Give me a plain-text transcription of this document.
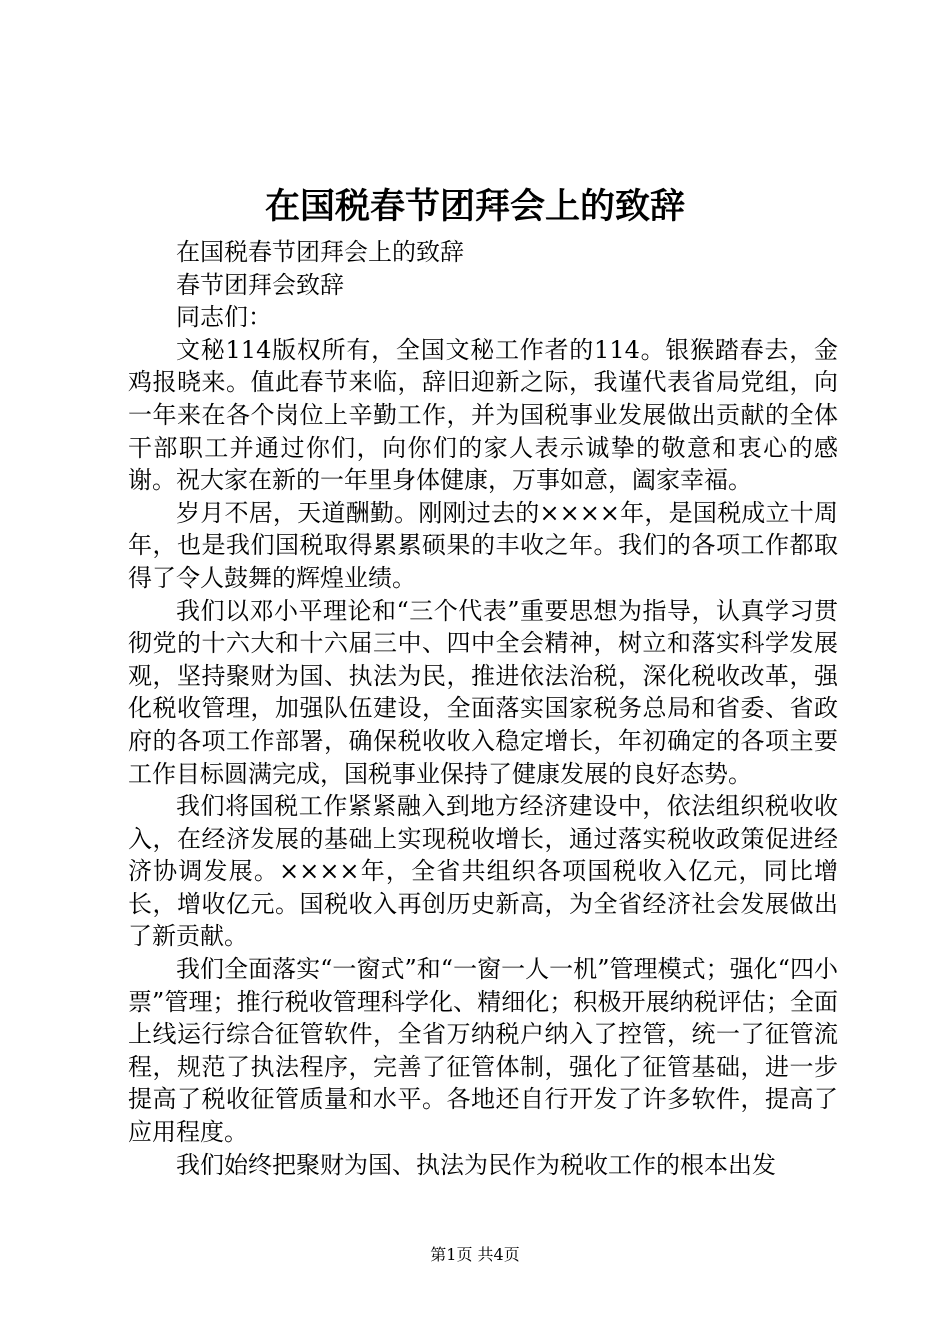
在国税春节团拜会上的致辞

在国税春节团拜会上的致辞

春节团拜会致辞

同志们：

文秘114版权所有，全国文秘工作者的114。银猴踏春去，金鸡报晓来。值此春节来临，辞旧迎新之际，我谨代表省局党组，向一年来在各个岗位上辛勤工作，并为国税事业发展做出贡献的全体干部职工并通过你们，向你们的家人表示诚挚的敬意和衷心的感谢。祝大家在新的一年里身体健康，万事如意，阖家幸福。

岁月不居，天道酬勤。刚刚过去的××××年，是国税成立十周年，也是我们国税取得累累硕果的丰收之年。我们的各项工作都取得了令人鼓舞的辉煌业绩。

我们以邓小平理论和“三个代表”重要思想为指导，认真学习贯彻党的十六大和十六届三中、四中全会精神，树立和落实科学发展观，坚持聚财为国、执法为民，推进依法治税，深化税收改革，强化税收管理，加强队伍建设，全面落实国家税务总局和省委、省政府的各项工作部署，确保税收收入稳定增长，年初确定的各项主要工作目标圆满完成，国税事业保持了健康发展的良好态势。

我们将国税工作紧紧融入到地方经济建设中，依法组织税收收入，在经济发展的基础上实现税收增长，通过落实税收政策促进经济协调发展。××××年，全省共组织各项国税收入亿元，同比增长，增收亿元。国税收入再创历史新高，为全省经济社会发展做出了新贡献。

我们全面落实“一窗式”和“一窗一人一机”管理模式；强化“四小票”管理；推行税收管理科学化、精细化；积极开展纳税评估；全面上线运行综合征管软件，全省万纳税户纳入了控管，统一了征管流程，规范了执法程序，完善了征管体制，强化了征管基础，进一步提高了税收征管质量和水平。各地还自行开发了许多软件，提高了应用程度。

我们始终把聚财为国、执法为民作为税收工作的根本出发

第1页 共4页
